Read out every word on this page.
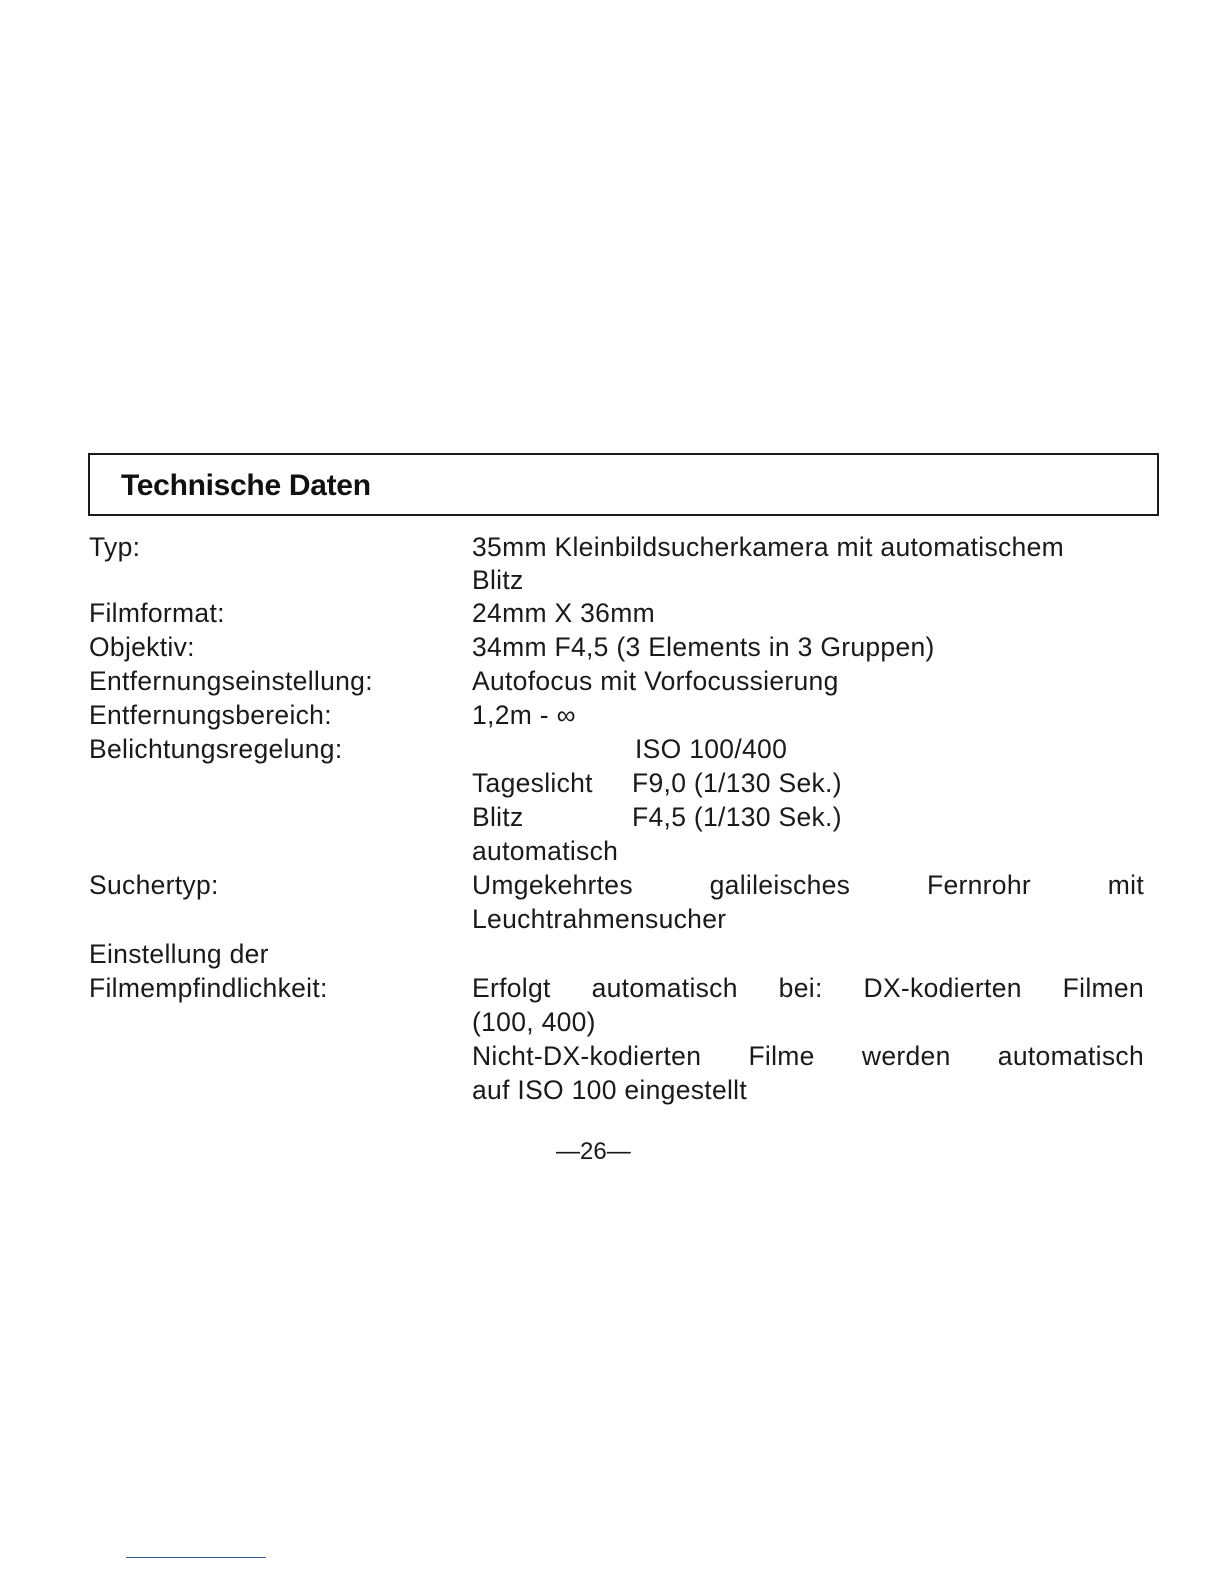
Technische Daten
Typ:	35mm Kleinbildsucherkamera mit automatischem
Blitz
Filmformat:	24mm X 36mm
Objektiv:	34mm F4,5 (3 Elements in 3 Gruppen)
Entfernungseinstellung:	Autofocus mit Vorfocussierung
Entfernungsbereich:	1,2m - ∞
Belichtungsregelung:	ISO 100/400
Tageslicht F9,0 (1/130 Sek.)
Blitz	F4,5 (1/130 Sek.)
automatisch
Suchertyp:	Umgekehrtes galileisches Fernrohr mit
Leuchtrahmensucher
Einstellung der
Filmempfindlichkeit:	Erfolgt automatisch bei: DX-kodierten Filmen
(100, 400)
Nicht-DX-kodierten Filme werden automatisch
auf ISO 100 eingestellt
—26—
